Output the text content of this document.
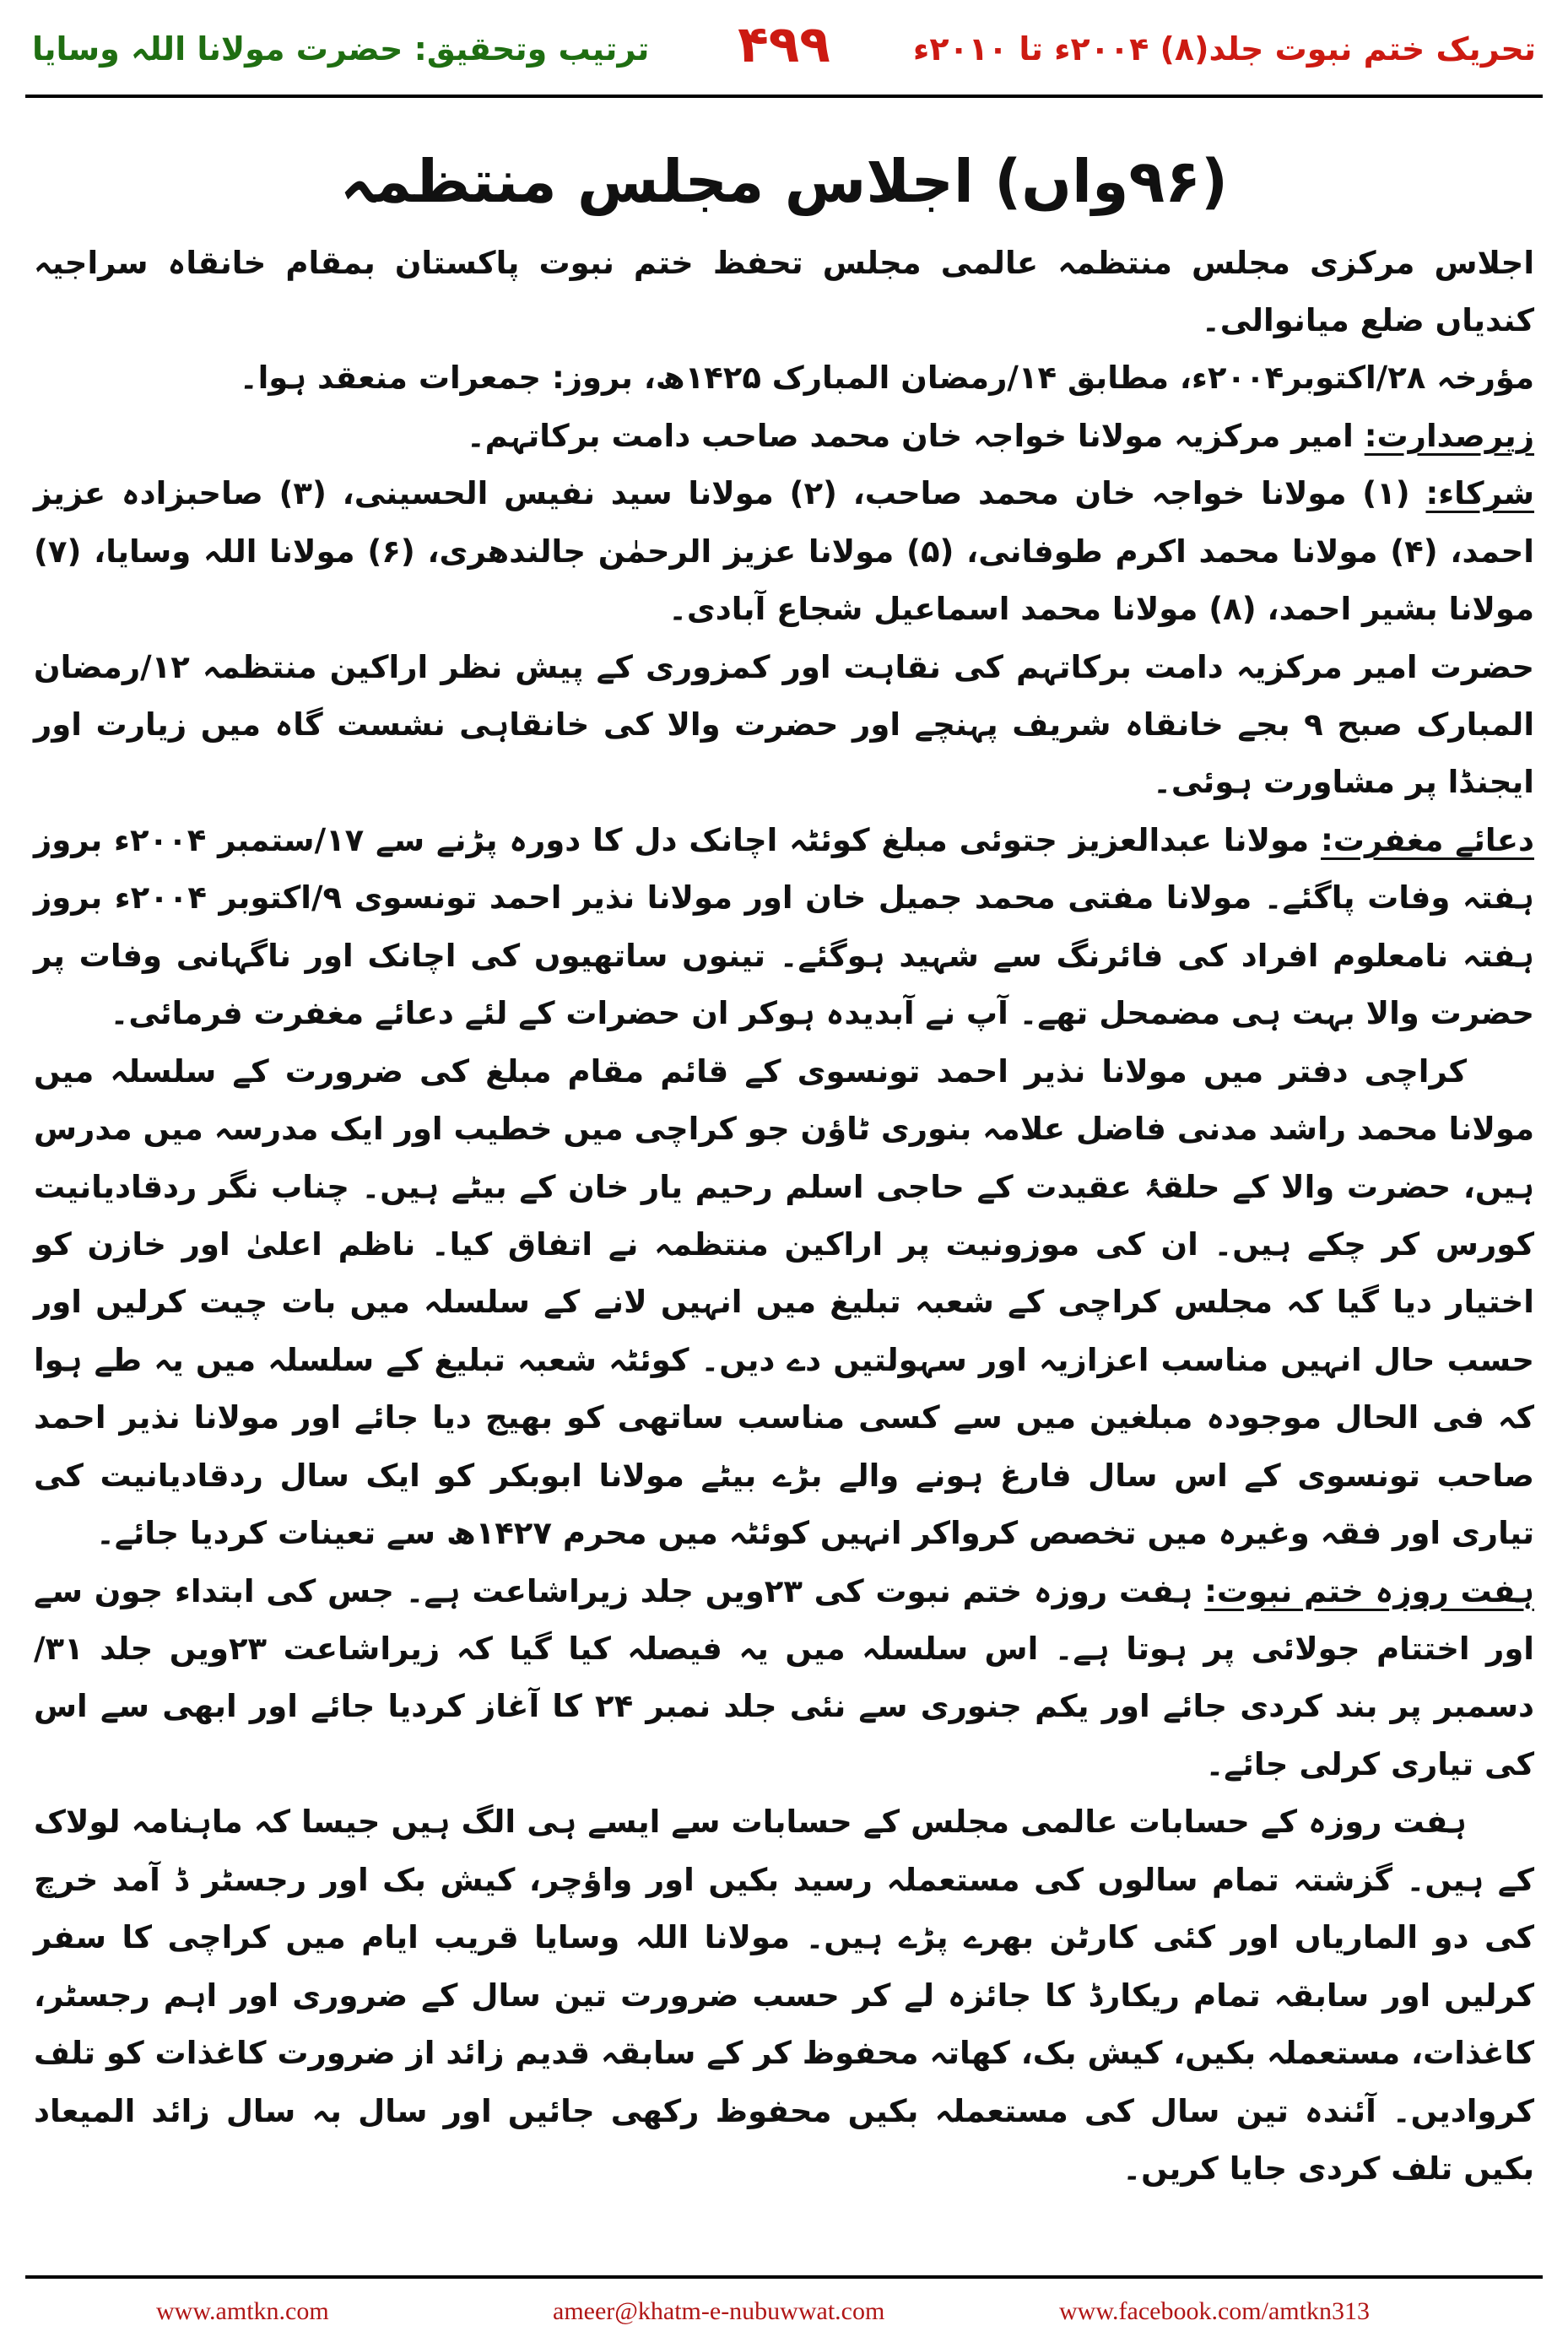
ترتیب وتحقیق: حضرت مولانا اللہ وسایا	۴۹۹	تحریک ختم نبوت جلد(۸) ۲۰۰۴ء تا ۲۰۱۰ء
(۹۶واں) اجلاس مجلس منتظمہ

اجلاس مرکزی مجلس منتظمہ عالمی مجلس تحفظ ختم نبوت پاکستان بمقام خانقاہ سراجیہ کندیاں ضلع میانوالی۔

مؤرخہ ۲۸/اکتوبر۲۰۰۴ء، مطابق ۱۴/رمضان المبارک ۱۴۲۵ھ، بروز: جمعرات منعقد ہوا۔

زیرصدارت: امیر مرکزیہ مولانا خواجہ خان محمد صاحب دامت برکاتہم۔

شرکاء: (۱) مولانا خواجہ خان محمد صاحب، (۲) مولانا سید نفیس الحسینی، (۳) صاحبزادہ عزیز احمد، (۴) مولانا محمد اکرم طوفانی، (۵) مولانا عزیز الرحمٰن جالندھری، (۶) مولانا اللہ وسایا، (۷) مولانا بشیر احمد، (۸) مولانا محمد اسماعیل شجاع آبادی۔

حضرت امیر مرکزیہ دامت برکاتہم کی نقاہت اور کمزوری کے پیش نظر اراکین منتظمہ ۱۲/رمضان المبارک صبح ۹ بجے خانقاہ شریف پہنچے اور حضرت والا کی خانقاہی نشست گاہ میں زیارت اور ایجنڈا پر مشاورت ہوئی۔

دعائے مغفرت: مولانا عبدالعزیز جتوئی مبلغ کوئٹہ اچانک دل کا دورہ پڑنے سے ۱۷/ستمبر ۲۰۰۴ء بروز ہفتہ وفات پاگئے۔ مولانا مفتی محمد جمیل خان اور مولانا نذیر احمد تونسوی ۹/اکتوبر ۲۰۰۴ء بروز ہفتہ نامعلوم افراد کی فائرنگ سے شہید ہوگئے۔ تینوں ساتھیوں کی اچانک اور ناگہانی وفات پر حضرت والا بہت ہی مضمحل تھے۔ آپ نے آبدیدہ ہوکر ان حضرات کے لئے دعائے مغفرت فرمائی۔

کراچی دفتر میں مولانا نذیر احمد تونسوی کے قائم مقام مبلغ کی ضرورت کے سلسلہ میں مولانا محمد راشد مدنی فاضل علامہ بنوری ٹاؤن جو کراچی میں خطیب اور ایک مدرسہ میں مدرس ہیں، حضرت والا کے حلقۂ عقیدت کے حاجی اسلم رحیم یار خان کے بیٹے ہیں۔ چناب نگر ردقادیانیت کورس کر چکے ہیں۔ ان کی موزونیت پر اراکین منتظمہ نے اتفاق کیا۔ ناظم اعلیٰ اور خازن کو اختیار دیا گیا کہ مجلس کراچی کے شعبہ تبلیغ میں انہیں لانے کے سلسلہ میں بات چیت کرلیں اور حسب حال انہیں مناسب اعزازیہ اور سہولتیں دے دیں۔ کوئٹہ شعبہ تبلیغ کے سلسلہ میں یہ طے ہوا کہ فی الحال موجودہ مبلغین میں سے کسی مناسب ساتھی کو بھیج دیا جائے اور مولانا نذیر احمد صاحب تونسوی کے اس سال فارغ ہونے والے بڑے بیٹے مولانا ابوبکر کو ایک سال ردقادیانیت کی تیاری اور فقہ وغیرہ میں تخصص کرواکر انہیں کوئٹہ میں محرم ۱۴۲۷ھ سے تعینات کردیا جائے۔

ہفت روزہ ختم نبوت: ہفت روزہ ختم نبوت کی ۲۳ویں جلد زیراشاعت ہے۔ جس کی ابتداء جون سے اور اختتام جولائی پر ہوتا ہے۔ اس سلسلہ میں یہ فیصلہ کیا گیا کہ زیراشاعت ۲۳ویں جلد ۳۱/دسمبر پر بند کردی جائے اور یکم جنوری سے نئی جلد نمبر ۲۴ کا آغاز کردیا جائے اور ابھی سے اس کی تیاری کرلی جائے۔

ہفت روزہ کے حسابات عالمی مجلس کے حسابات سے ایسے ہی الگ ہیں جیسا کہ ماہنامہ لولاک کے ہیں۔ گزشتہ تمام سالوں کی مستعملہ رسید بکیں اور واؤچر، کیش بک اور رجسٹر ڈ آمد خرچ کی دو الماریاں اور کئی کارٹن بھرے پڑے ہیں۔ مولانا اللہ وسایا قریب ایام میں کراچی کا سفر کرلیں اور سابقہ تمام ریکارڈ کا جائزہ لے کر حسب ضرورت تین سال کے ضروری اور اہم رجسٹر، کاغذات، مستعملہ بکیں، کیش بک، کھاتہ محفوظ کر کے سابقہ قدیم زائد از ضرورت کاغذات کو تلف کروادیں۔ آئندہ تین سال کی مستعملہ بکیں محفوظ رکھی جائیں اور سال بہ سال زائد المیعاد بکیں تلف کردی جایا کریں۔

www.amtkn.com	ameer@khatm-e-nubuwwat.com	www.facebook.com/amtkn313
